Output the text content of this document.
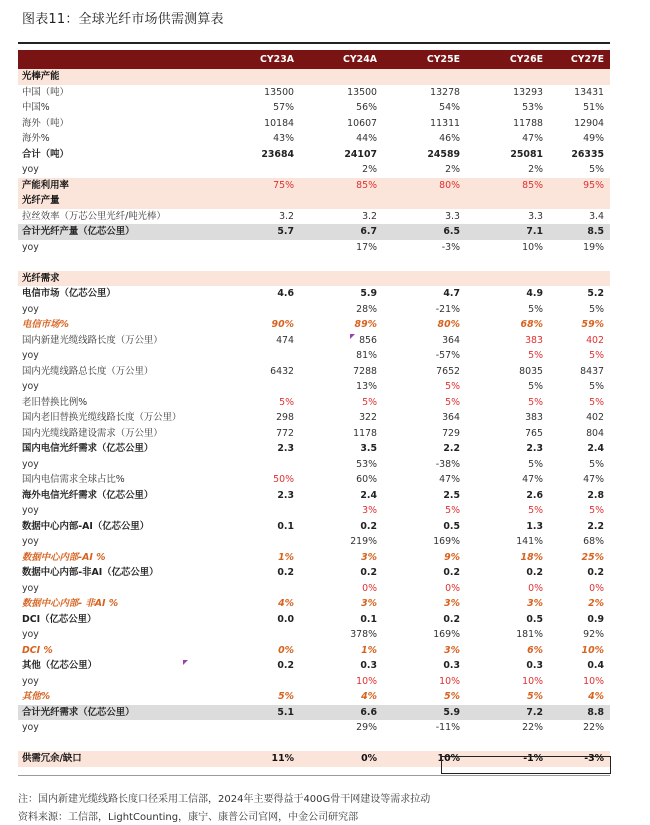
图表11：全球光纤市场供需测算表
	CY23A	CY24A	CY25E	CY26E	CY27E
光棒产能					
中国（吨）	13500	13500	13278	13293	13431
中国%	57%	56%	54%	53%	51%
海外（吨）	10184	10607	11311	11788	12904
海外%	43%	44%	46%	47%	49%
合计（吨）	23684	24107	24589	25081	26335
yoy		2%	2%	2%	5%
产能利用率	75%	85%	80%	85%	95%
光纤产量					
拉丝效率（万芯公里光纤/吨光棒）	3.2	3.2	3.3	3.3	3.4
合计光纤产量（亿芯公里）	5.7	6.7	6.5	7.1	8.5
yoy		17%	-3%	10%	19%

光纤需求					
电信市场（亿芯公里）	4.6	5.9	4.7	4.9	5.2
yoy		28%	-21%	5%	5%
电信市场%	90%	89%	80%	68%	59%
国内新建光缆线路长度（万公里）	474	856	364	383	402
yoy		81%	-57%	5%	5%
国内光缆线路总长度（万公里）	6432	7288	7652	8035	8437
yoy		13%	5%	5%	5%
老旧替换比例%	5%	5%	5%	5%	5%
国内老旧替换光缆线路长度（万公里）	298	322	364	383	402
国内光缆线路建设需求（万公里）	772	1178	729	765	804
国内电信光纤需求（亿芯公里）	2.3	3.5	2.2	2.3	2.4
yoy		53%	-38%	5%	5%
国内电信需求全球占比%	50%	60%	47%	47%	47%
海外电信光纤需求（亿芯公里）	2.3	2.4	2.5	2.6	2.8
yoy		3%	5%	5%	5%
数据中心内部-AI（亿芯公里）	0.1	0.2	0.5	1.3	2.2
yoy		219%	169%	141%	68%
数据中心内部-AI %	1%	3%	9%	18%	25%
数据中心内部-非AI（亿芯公里）	0.2	0.2	0.2	0.2	0.2
yoy		0%	0%	0%	0%
数据中心内部- 非AI %	4%	3%	3%	3%	2%
DCI（亿芯公里）	0.0	0.1	0.2	0.5	0.9
yoy		378%	169%	181%	92%
DCI %	0%	1%	3%	6%	10%
其他（亿芯公里）	0.2	0.3	0.3	0.3	0.4
yoy		10%	10%	10%	10%
其他%	5%	4%	5%	5%	4%
合计光纤需求（亿芯公里）	5.1	6.6	5.9	7.2	8.8
yoy		29%	-11%	22%	22%

供需冗余/缺口	11%	0%	10%	-1%	-3%
注：国内新建光缆线路长度口径采用工信部，2024年主要得益于400G骨干网建设等需求拉动
资料来源：工信部，LightCounting，康宁、康普公司官网，中金公司研究部
